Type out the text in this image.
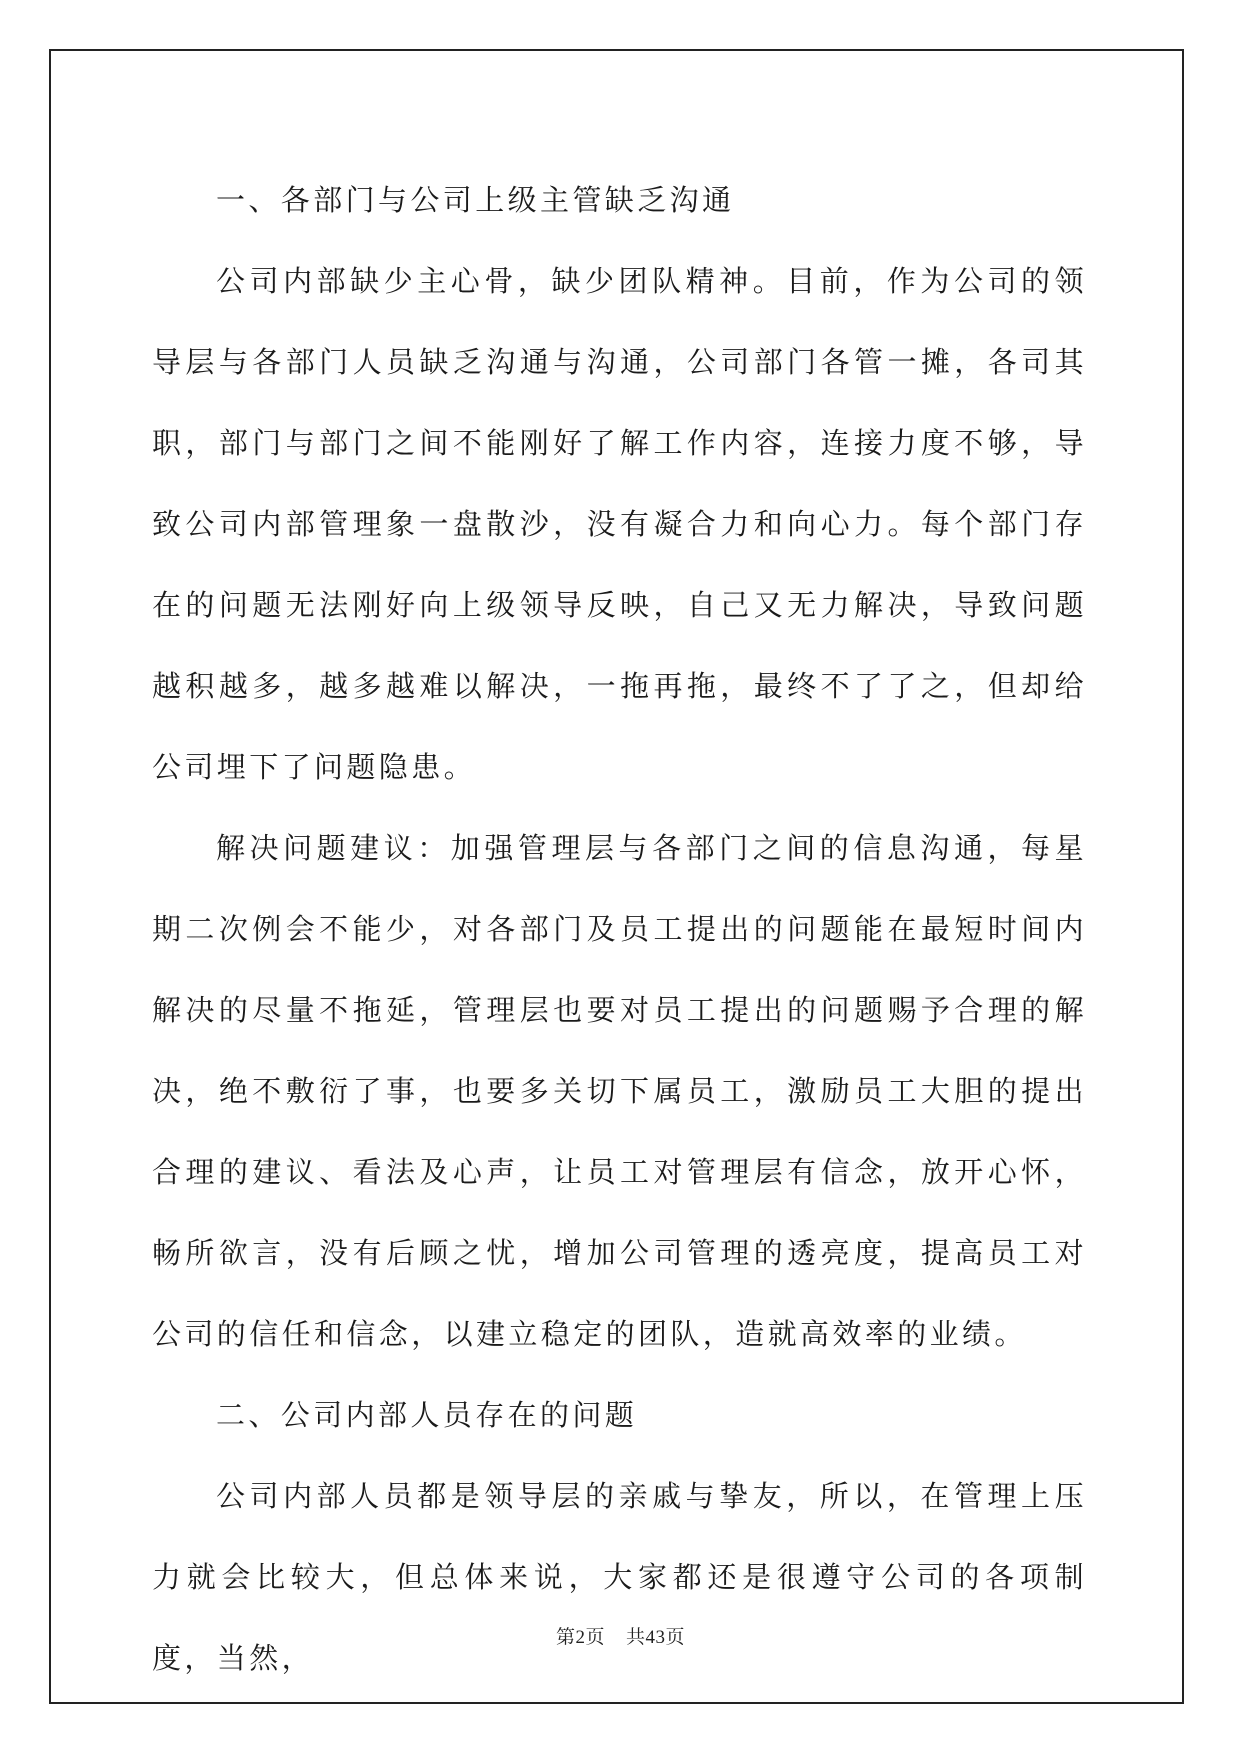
一、各部门与公司上级主管缺乏沟通

公司内部缺少主心骨，缺少团队精神。目前，作为公司的领导层与各部门人员缺乏沟通与沟通，公司部门各管一摊，各司其职，部门与部门之间不能刚好了解工作内容，连接力度不够，导致公司内部管理象一盘散沙，没有凝合力和向心力。每个部门存在的问题无法刚好向上级领导反映，自己又无力解决，导致问题越积越多，越多越难以解决，一拖再拖，最终不了了之，但却给公司埋下了问题隐患。

解决问题建议：加强管理层与各部门之间的信息沟通，每星期二次例会不能少，对各部门及员工提出的问题能在最短时间内解决的尽量不拖延，管理层也要对员工提出的问题赐予合理的解决，绝不敷衍了事，也要多关切下属员工，激励员工大胆的提出合理的建议、看法及心声，让员工对管理层有信念，放开心怀，畅所欲言，没有后顾之忧，增加公司管理的透亮度，提高员工对公司的信任和信念，以建立稳定的团队，造就高效率的业绩。

二、公司内部人员存在的问题

公司内部人员都是领导层的亲戚与挚友，所以，在管理上压力就会比较大，但总体来说，大家都还是很遵守公司的各项制度，当然，

第2页 共43页
